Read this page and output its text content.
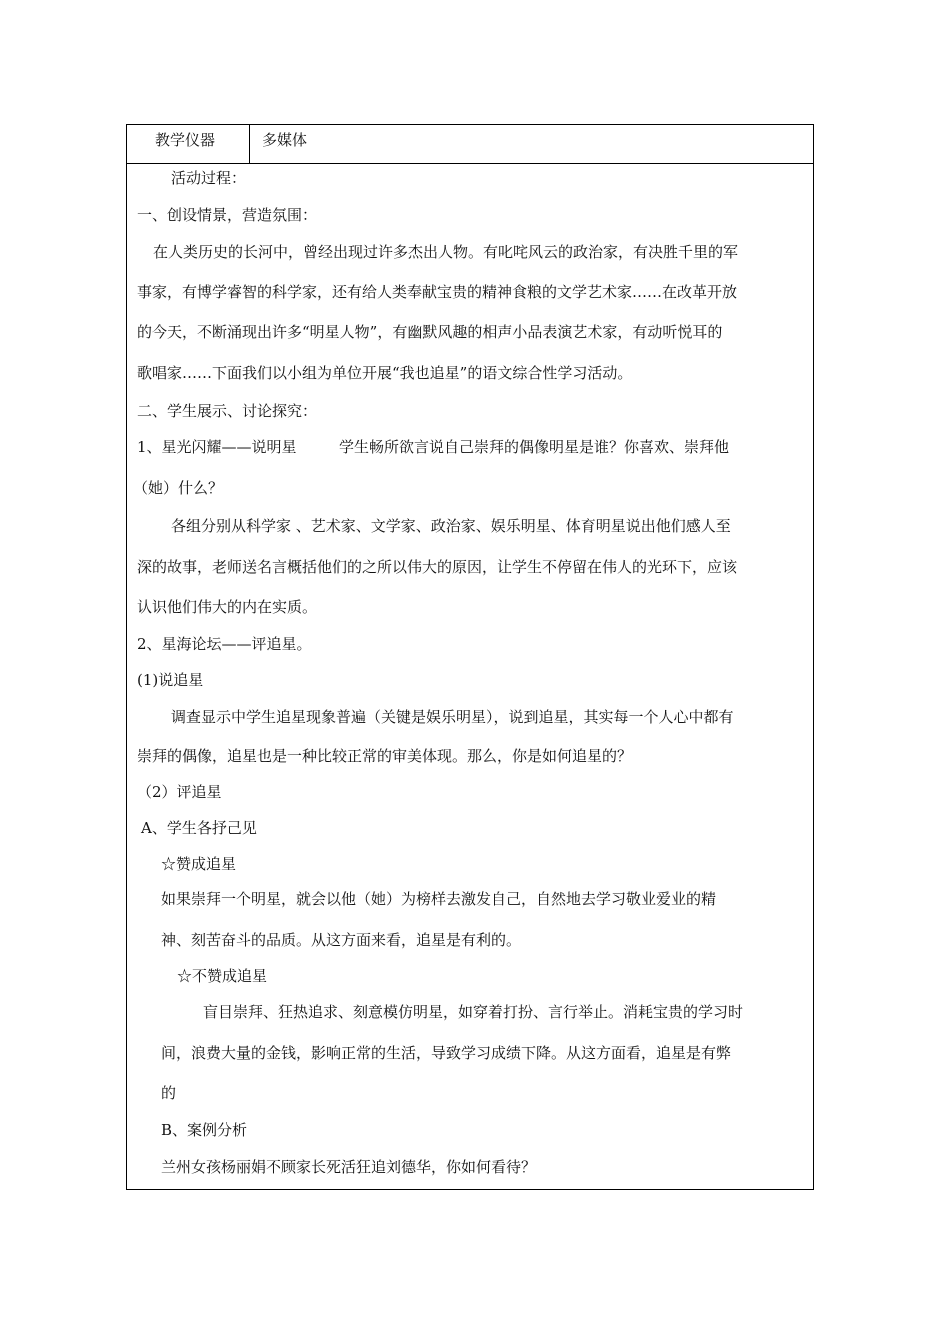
教学仪器	多媒体
活动过程：
一、创设情景，营造氛围：
在人类历史的长河中，曾经出现过许多杰出人物。有叱咤风云的政治家，有决胜千里的军
事家，有博学睿智的科学家，还有给人类奉献宝贵的精神食粮的文学艺术家……在改革开放
的今天，不断涌现出许多“明星人物”，有幽默风趣的相声小品表演艺术家，有动听悦耳的
歌唱家……下面我们以小组为单位开展“我也追星”的语文综合性学习活动。
二、学生展示、讨论探究：
1、星光闪耀——说明星	学生畅所欲言说自己崇拜的偶像明星是谁？你喜欢、崇拜他
（她）什么？
各组分别从科学家 、艺术家、文学家、政治家、娱乐明星、体育明星说出他们感人至
深的故事，老师送名言概括他们的之所以伟大的原因，让学生不停留在伟人的光环下，应该
认识他们伟大的内在实质。
2、星海论坛——评追星。
(1)说追星
调查显示中学生追星现象普遍（关键是娱乐明星），说到追星，其实每一个人心中都有
崇拜的偶像，追星也是一种比较正常的审美体现。那么，你是如何追星的？
（2）评追星
A、学生各抒己见
☆赞成追星
如果崇拜一个明星，就会以他（她）为榜样去激发自己，自然地去学习敬业爱业的精
神、刻苦奋斗的品质。从这方面来看，追星是有利的。
☆不赞成追星
盲目崇拜、狂热追求、刻意模仿明星，如穿着打扮、言行举止。消耗宝贵的学习时
间，浪费大量的金钱，影响正常的生活，导致学习成绩下降。从这方面看，追星是有弊
的
B、案例分析
兰州女孩杨丽娟不顾家长死活狂追刘德华，你如何看待？
